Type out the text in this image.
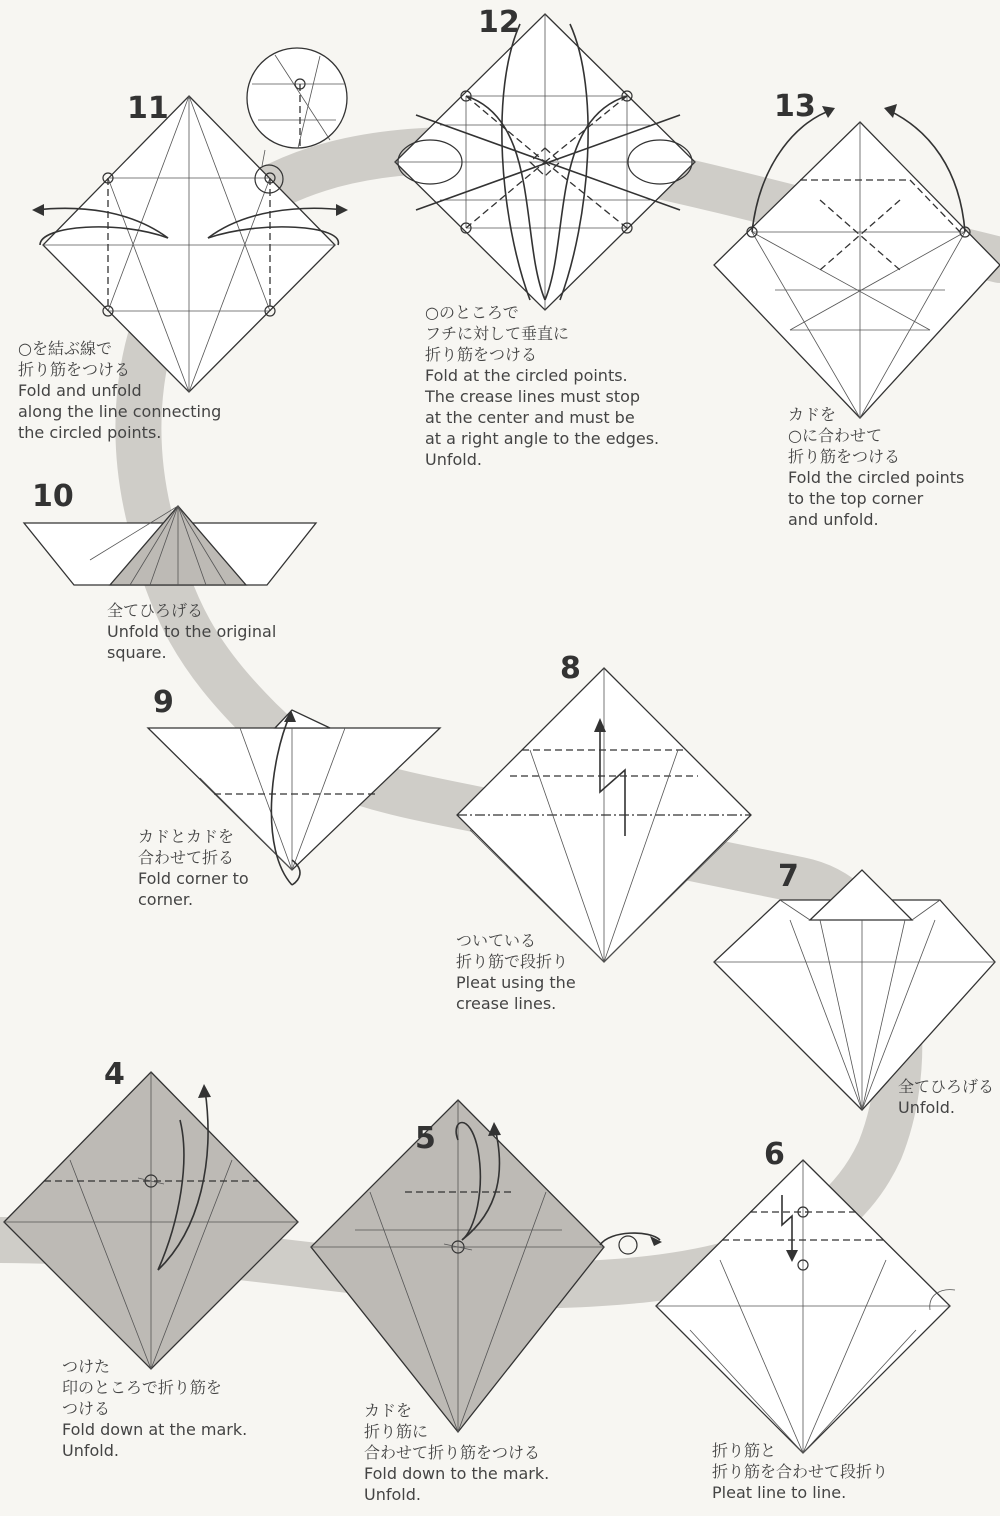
11
12
13
10
9
8
7
4
5	6
○を結ぶ線で
折り筋をつける
Fold and unfold
along the line connecting
the circled points.
○のところで
フチに対して垂直に
折り筋をつける
Fold at the circled points.
The crease lines must stop
at the center and must be
at a right angle to the edges.
Unfold.
カドを
○に合わせて
折り筋をつける
Fold the circled points
to the top corner
and unfold.
全てひろげる
Unfold to the original
square.
カドとカドを
合わせて折る
Fold corner to
corner.
ついている
折り筋で段折り
Pleat using the
crease lines.
全てひろげる
Unfold.
つけた
印のところで折り筋を
つける
Fold down at the mark.
Unfold.
カドを
折り筋に
合わせて折り筋をつける
Fold down to the mark.
Unfold.
折り筋と
折り筋を合わせて段折り
Pleat line to line.
